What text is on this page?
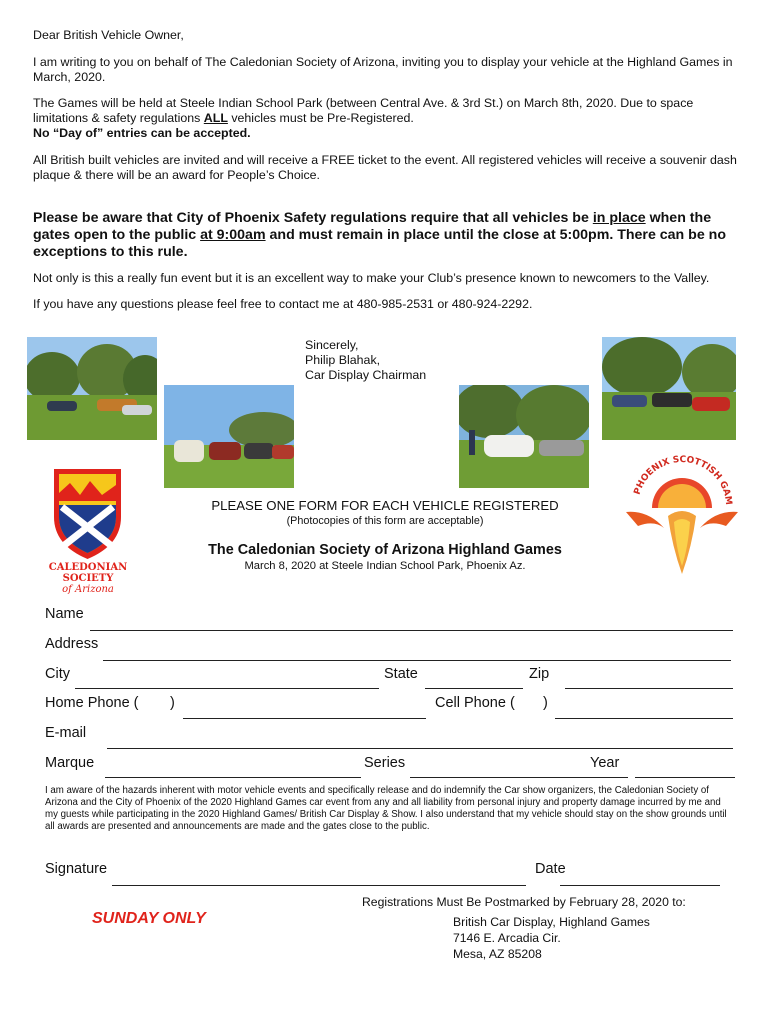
Dear British Vehicle Owner,
I am writing to you on behalf of The Caledonian Society of Arizona, inviting you to display your vehicle at the Highland Games in March, 2020.
The Games will be held at Steele Indian School Park (between Central Ave. & 3rd St.) on March 8th, 2020. Due to space limitations & safety regulations ALL vehicles must be Pre-Registered.
No “Day of” entries can be accepted.
All British built vehicles are invited and will receive a FREE ticket to the event. All registered vehicles will receive a souvenir dash plaque & there will be an award for People’s Choice.
Please be aware that City of Phoenix Safety regulations require that all vehicles be in place when the gates open to the public at 9:00am and must remain in place until the close at 5:00pm. There can be no exceptions to this rule.
Not only is this a really fun event but it is an excellent way to make your Club’s presence known to newcomers to the Valley.
If you have any questions please feel free to contact me at 480-985-2531 or 480-924-2292.
Sincerely,
Philip Blahak,
Car Display Chairman
CALEDONIAN SOCIETY
of Arizona
PHOENIX SCOTTISH GAM
PLEASE ONE FORM FOR EACH VEHICLE REGISTERED
(Photocopies of this form are acceptable)
The Caledonian Society of Arizona Highland Games
March 8, 2020 at Steele Indian School Park, Phoenix Az.
Name
Address
City	State	Zip
Home Phone ( )	Cell Phone ( )
E-mail
Marque	Series	Year
I am aware of the hazards inherent with motor vehicle events and specifically release and do indemnify the Car show organizers, the Caledonian Society of Arizona and the City of Phoenix of the 2020 Highland Games car event from any and all liability from personal injury and property damage incurred by me and my guests while participating in the 2020 Highland Games/ British Car Display & Show. I also understand that my vehicle should stay on the show grounds until all awards are presented and announcements are made and the gates close to the public.
Signature	Date
SUNDAY ONLY
Registrations Must Be Postmarked by February 28, 2020 to:
British Car Display, Highland Games
7146 E. Arcadia Cir.
Mesa, AZ 85208
